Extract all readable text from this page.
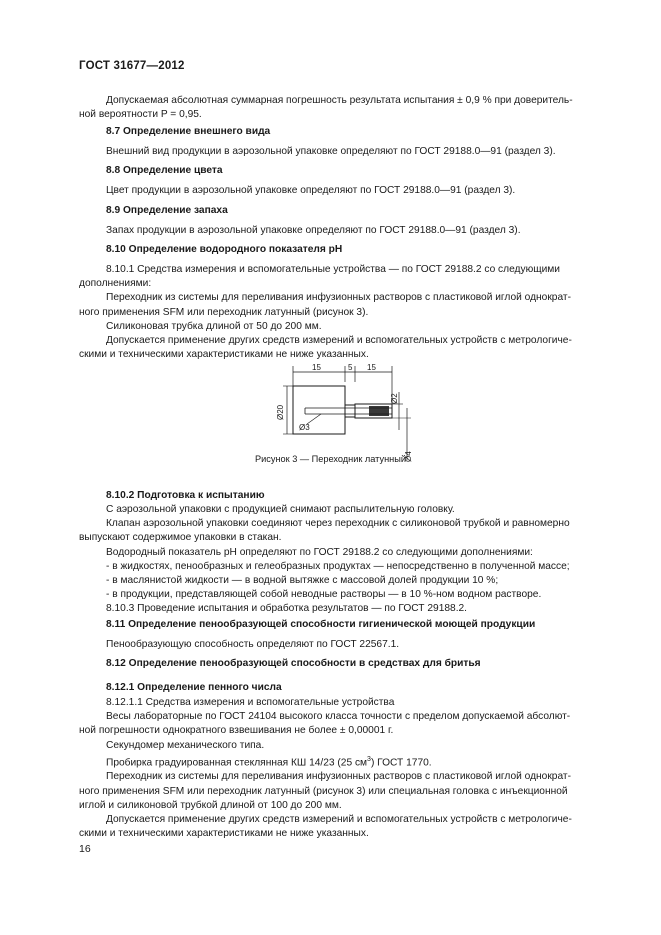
ГОСТ 31677—2012
Допускаемая абсолютная суммарная погрешность результата испытания ± 0,9 % при доверитель-
ной вероятности P = 0,95.
8.7 Определение внешнего вида
Внешний вид продукции в аэрозольной упаковке определяют по ГОСТ 29188.0—91 (раздел 3).
8.8 Определение цвета
Цвет продукции в аэрозольной упаковке определяют по ГОСТ 29188.0—91 (раздел 3).
8.9 Определение запаха
Запах продукции в аэрозольной упаковке определяют по ГОСТ 29188.0—91 (раздел 3).
8.10 Определение водородного показателя pH
8.10.1 Средства измерения и вспомогательные устройства — по ГОСТ 29188.2 со следующими
дополнениями:
Переходник из системы для переливания инфузионных растворов с пластиковой иглой однократ-
ного применения SFM или переходник латунный (рисунок 3).
Силиконовая трубка длиной от 50 до 200 мм.
Допускается применение других средств измерений и вспомогательных устройств с метрологиче-
скими и техническими характеристиками не ниже указанных.
15	5 15
Ø20
Ø3
Ø2
Ø4
Рисунок 3 — Переходник латунный
8.10.2 Подготовка к испытанию
С аэрозольной упаковки с продукцией снимают распылительную головку.
Клапан аэрозольной упаковки соединяют через переходник с силиконовой трубкой и равномерно
выпускают содержимое упаковки в стакан.
Водородный показатель pH определяют по ГОСТ 29188.2 со следующими дополнениями:
- в жидкостях, пенообразных и гелеобразных продуктах — непосредственно в полученной массе;
- в маслянистой жидкости — в водной вытяжке с массовой долей продукции 10 %;
- в продукции, представляющей собой неводные растворы — в 10 %-ном водном растворе.
8.10.3 Проведение испытания и обработка результатов — по ГОСТ 29188.2.
8.11 Определение пенообразующей способности гигиенической моющей продукции
Пенообразующую способность определяют по ГОСТ 22567.1.
8.12 Определение пенообразующей способности в средствах для бритья
8.12.1 Определение пенного числа
8.12.1.1 Средства измерения и вспомогательные устройства
Весы лабораторные по ГОСТ 24104 высокого класса точности с пределом допускаемой абсолют-
ной погрешности однократного взвешивания не более ± 0,00001 г.
Секундомер механического типа.
Пробирка градуированная стеклянная КШ 14/23 (25 $см^3$) ГОСТ 1770.
Переходник из системы для переливания инфузионных растворов с пластиковой иглой однократ-
ного применения SFM или переходник латунный (рисунок 3) или специальная головка с инъекционной
иглой и силиконовой трубкой длиной от 100 до 200 мм.
Допускается применение других средств измерений и вспомогательных устройств с метрологиче-
скими и техническими характеристиками не ниже указанных.
16
